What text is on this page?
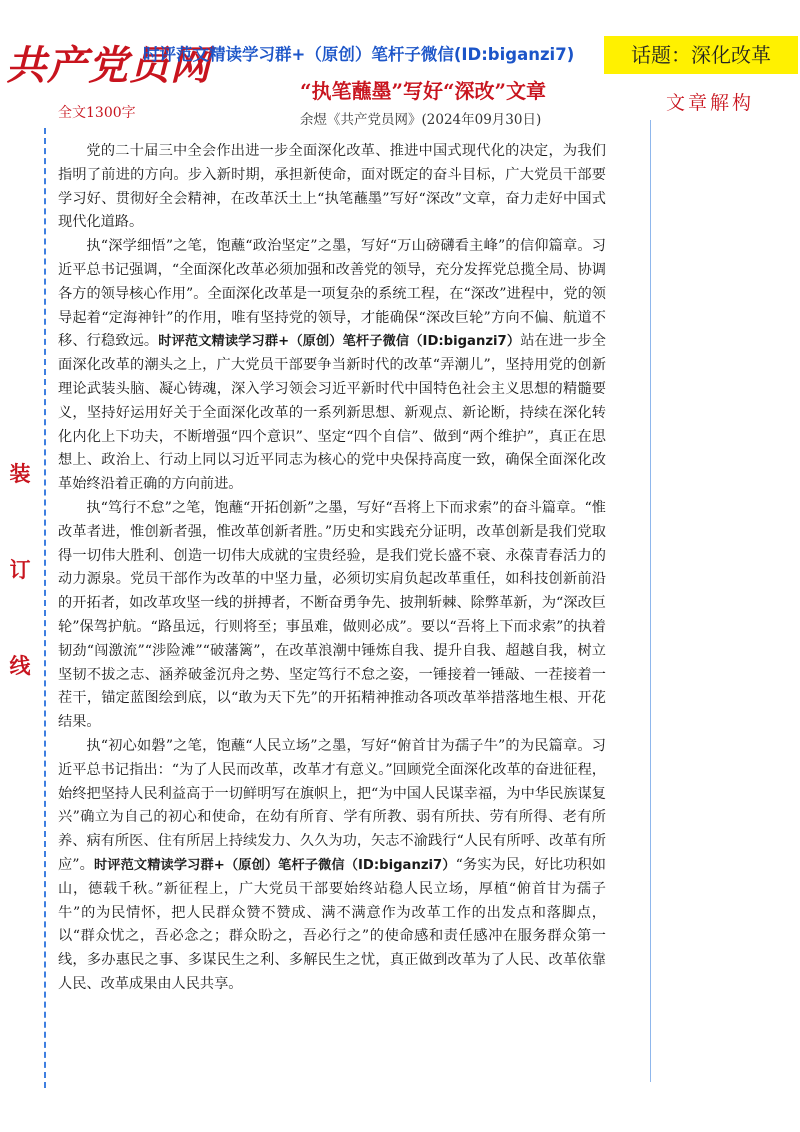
共产党员网
时评范文精读学习群+（原创）笔杆子微信(ID:biganzi7)	话题：深化改革
“执笔蘸墨”写好“深改”文章	文章解构
全文1300字	余煜《共产党员网》(2024年09月30日)
装
订
线

党的二十届三中全会作出进一步全面深化改革、推进中国式现代化的决定，为我们指明了前进的方向。步入新时期，承担新使命，面对既定的奋斗目标，广大党员干部要学习好、贯彻好全会精神，在改革沃土上“执笔蘸墨”写好“深改”文章，奋力走好中国式现代化道路。

执“深学细悟”之笔，饱蘸“政治坚定”之墨，写好“万山磅礴看主峰”的信仰篇章。习近平总书记强调，“全面深化改革必须加强和改善党的领导，充分发挥党总揽全局、协调各方的领导核心作用”。全面深化改革是一项复杂的系统工程，在“深改”进程中，党的领导起着“定海神针”的作用，唯有坚持党的领导，才能确保“深改巨轮”方向不偏、航道不移、行稳致远。时评范文精读学习群+（原创）笔杆子微信（ID:biganzi7）站在进一步全面深化改革的潮头之上，广大党员干部要争当新时代的改革“弄潮儿”，坚持用党的创新理论武装头脑、凝心铸魂，深入学习领会习近平新时代中国特色社会主义思想的精髓要义，坚持好运用好关于全面深化改革的一系列新思想、新观点、新论断，持续在深化转化内化上下功夫，不断增强“四个意识”、坚定“四个自信”、做到“两个维护”，真正在思想上、政治上、行动上同以习近平同志为核心的党中央保持高度一致，确保全面深化改革始终沿着正确的方向前进。

执“笃行不怠”之笔，饱蘸“开拓创新”之墨，写好“吾将上下而求索”的奋斗篇章。“惟改革者进，惟创新者强，惟改革创新者胜。”历史和实践充分证明，改革创新是我们党取得一切伟大胜利、创造一切伟大成就的宝贵经验，是我们党长盛不衰、永葆青春活力的动力源泉。党员干部作为改革的中坚力量，必须切实肩负起改革重任，如科技创新前沿的开拓者，如改革攻坚一线的拼搏者，不断奋勇争先、披荆斩棘、除弊革新，为“深改巨轮”保驾护航。“路虽远，行则将至；事虽难，做则必成”。要以“吾将上下而求索”的执着韧劲“闯激流”“涉险滩”“破藩篱”，在改革浪潮中锤炼自我、提升自我、超越自我，树立坚韧不拔之志、涵养破釜沉舟之势、坚定笃行不怠之姿，一锤接着一锤敲、一茬接着一茬干，锚定蓝图绘到底，以“敢为天下先”的开拓精神推动各项改革举措落地生根、开花结果。

执“初心如磐”之笔，饱蘸“人民立场”之墨，写好“俯首甘为孺子牛”的为民篇章。习近平总书记指出：“为了人民而改革，改革才有意义。”回顾党全面深化改革的奋进征程，始终把坚持人民利益高于一切鲜明写在旗帜上，把“为中国人民谋幸福，为中华民族谋复兴”确立为自己的初心和使命，在幼有所育、学有所教、弱有所扶、劳有所得、老有所养、病有所医、住有所居上持续发力、久久为功，矢志不渝践行“人民有所呼、改革有所应”。时评范文精读学习群+（原创）笔杆子微信（ID:biganzi7）“务实为民，好比功积如山，德载千秋。”新征程上，广大党员干部要始终站稳人民立场，厚植“俯首甘为孺子牛”的为民情怀，把人民群众赞不赞成、满不满意作为改革工作的出发点和落脚点，以“群众忧之，吾必念之；群众盼之，吾必行之”的使命感和责任感冲在服务群众第一线，多办惠民之事、多谋民生之利、多解民生之忧，真正做到改革为了人民、改革依靠人民、改革成果由人民共享。
